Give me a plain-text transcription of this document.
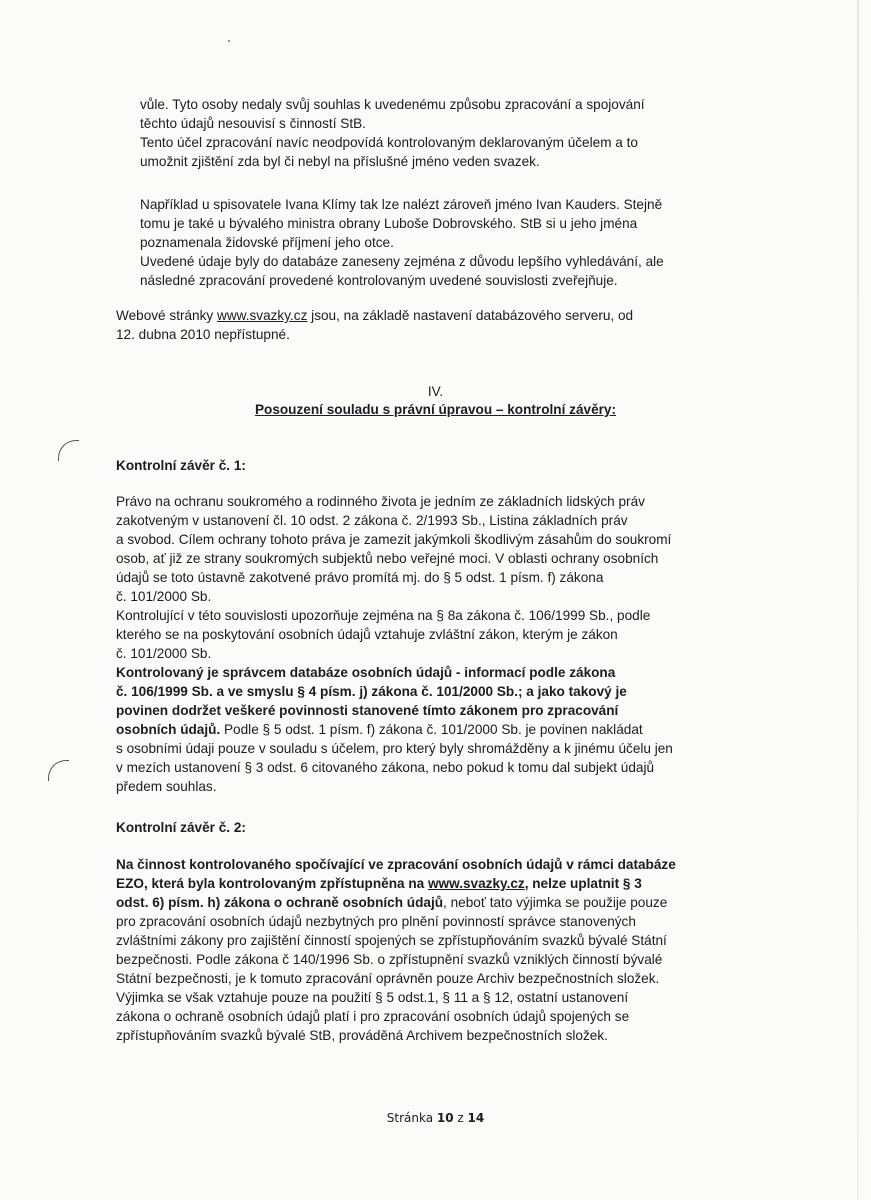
vůle. Tyto osoby nedaly svůj souhlas k uvedenému způsobu zpracování a spojování

těchto údajů nesouvisí s činností StB.

Tento účel zpracování navíc neodpovídá kontrolovaným deklarovaným účelem a to

umožnit zjištění zda byl či nebyl na příslušné jméno veden svazek.

Například u spisovatele Ivana Klímy tak lze nalézt zároveň jméno Ivan Kauders. Stejně

tomu je také u bývalého ministra obrany Luboše Dobrovského. StB si u jeho jména

poznamenala židovské příjmení jeho otce.

Uvedené údaje byly do databáze zaneseny zejména z důvodu lepšího vyhledávání, ale

následné zpracování provedené kontrolovaným uvedené souvislosti zveřejňuje.

Webové stránky www.svazky.cz jsou, na základě nastavení databázového serveru, od

12. dubna 2010 nepřístupné.

IV.
Posouzení souladu s právní úpravou – kontrolní závěry:
Kontrolní závěr č. 1:

Právo na ochranu soukromého a rodinného života je jedním ze základních lidských práv

zakotveným v ustanovení čl. 10 odst. 2 zákona č. 2/1993 Sb., Listina základních práv

a svobod. Cílem ochrany tohoto práva je zamezit jakýmkoli škodlivým zásahům do soukromí

osob, ať již ze strany soukromých subjektů nebo veřejné moci. V oblasti ochrany osobních

údajů se toto ústavně zakotvené právo promítá mj. do § 5 odst. 1 písm. f) zákona

č. 101/2000 Sb.

Kontrolující v této souvislosti upozorňuje zejména na § 8a zákona č. 106/1999 Sb., podle

kterého se na poskytování osobních údajů vztahuje zvláštní zákon, kterým je zákon

č. 101/2000 Sb.

Kontrolovaný je správcem databáze osobních údajů - informací podle zákona

č. 106/1999 Sb. a ve smyslu § 4 písm. j) zákona č. 101/2000 Sb.; a jako takový je

povinen dodržet veškeré povinnosti stanovené tímto zákonem pro zpracování

osobních údajů. Podle § 5 odst. 1 písm. f) zákona č. 101/2000 Sb. je povinen nakládat

s osobními údaji pouze v souladu s účelem, pro který byly shromážděny a k jinému účelu jen

v mezích ustanovení § 3 odst. 6 citovaného zákona, nebo pokud k tomu dal subjekt údajů

předem souhlas.

Kontrolní závěr č. 2:

Na činnost kontrolovaného spočívající ve zpracování osobních údajů v rámci databáze

EZO, která byla kontrolovaným zpřístupněna na www.svazky.cz, nelze uplatnit § 3

odst. 6) písm. h) zákona o ochraně osobních údajů, neboť tato výjimka se použije pouze

pro zpracování osobních údajů nezbytných pro plnění povinností správce stanovených

zvláštními zákony pro zajištění činností spojených se zpřístupňováním svazků bývalé Státní

bezpečnosti. Podle zákona č 140/1996 Sb. o zpřístupnění svazků vzniklých činností bývalé

Státní bezpečnosti, je k tomuto zpracování oprávněn pouze Archiv bezpečnostních složek.

Výjimka se však vztahuje pouze na použití § 5 odst.1, § 11 a § 12, ostatní ustanovení

zákona o ochraně osobních údajů platí i pro zpracování osobních údajů spojených se

zpřístupňováním svazků bývalé StB, prováděná Archivem bezpečnostních složek.

Stránka 10 z 14
